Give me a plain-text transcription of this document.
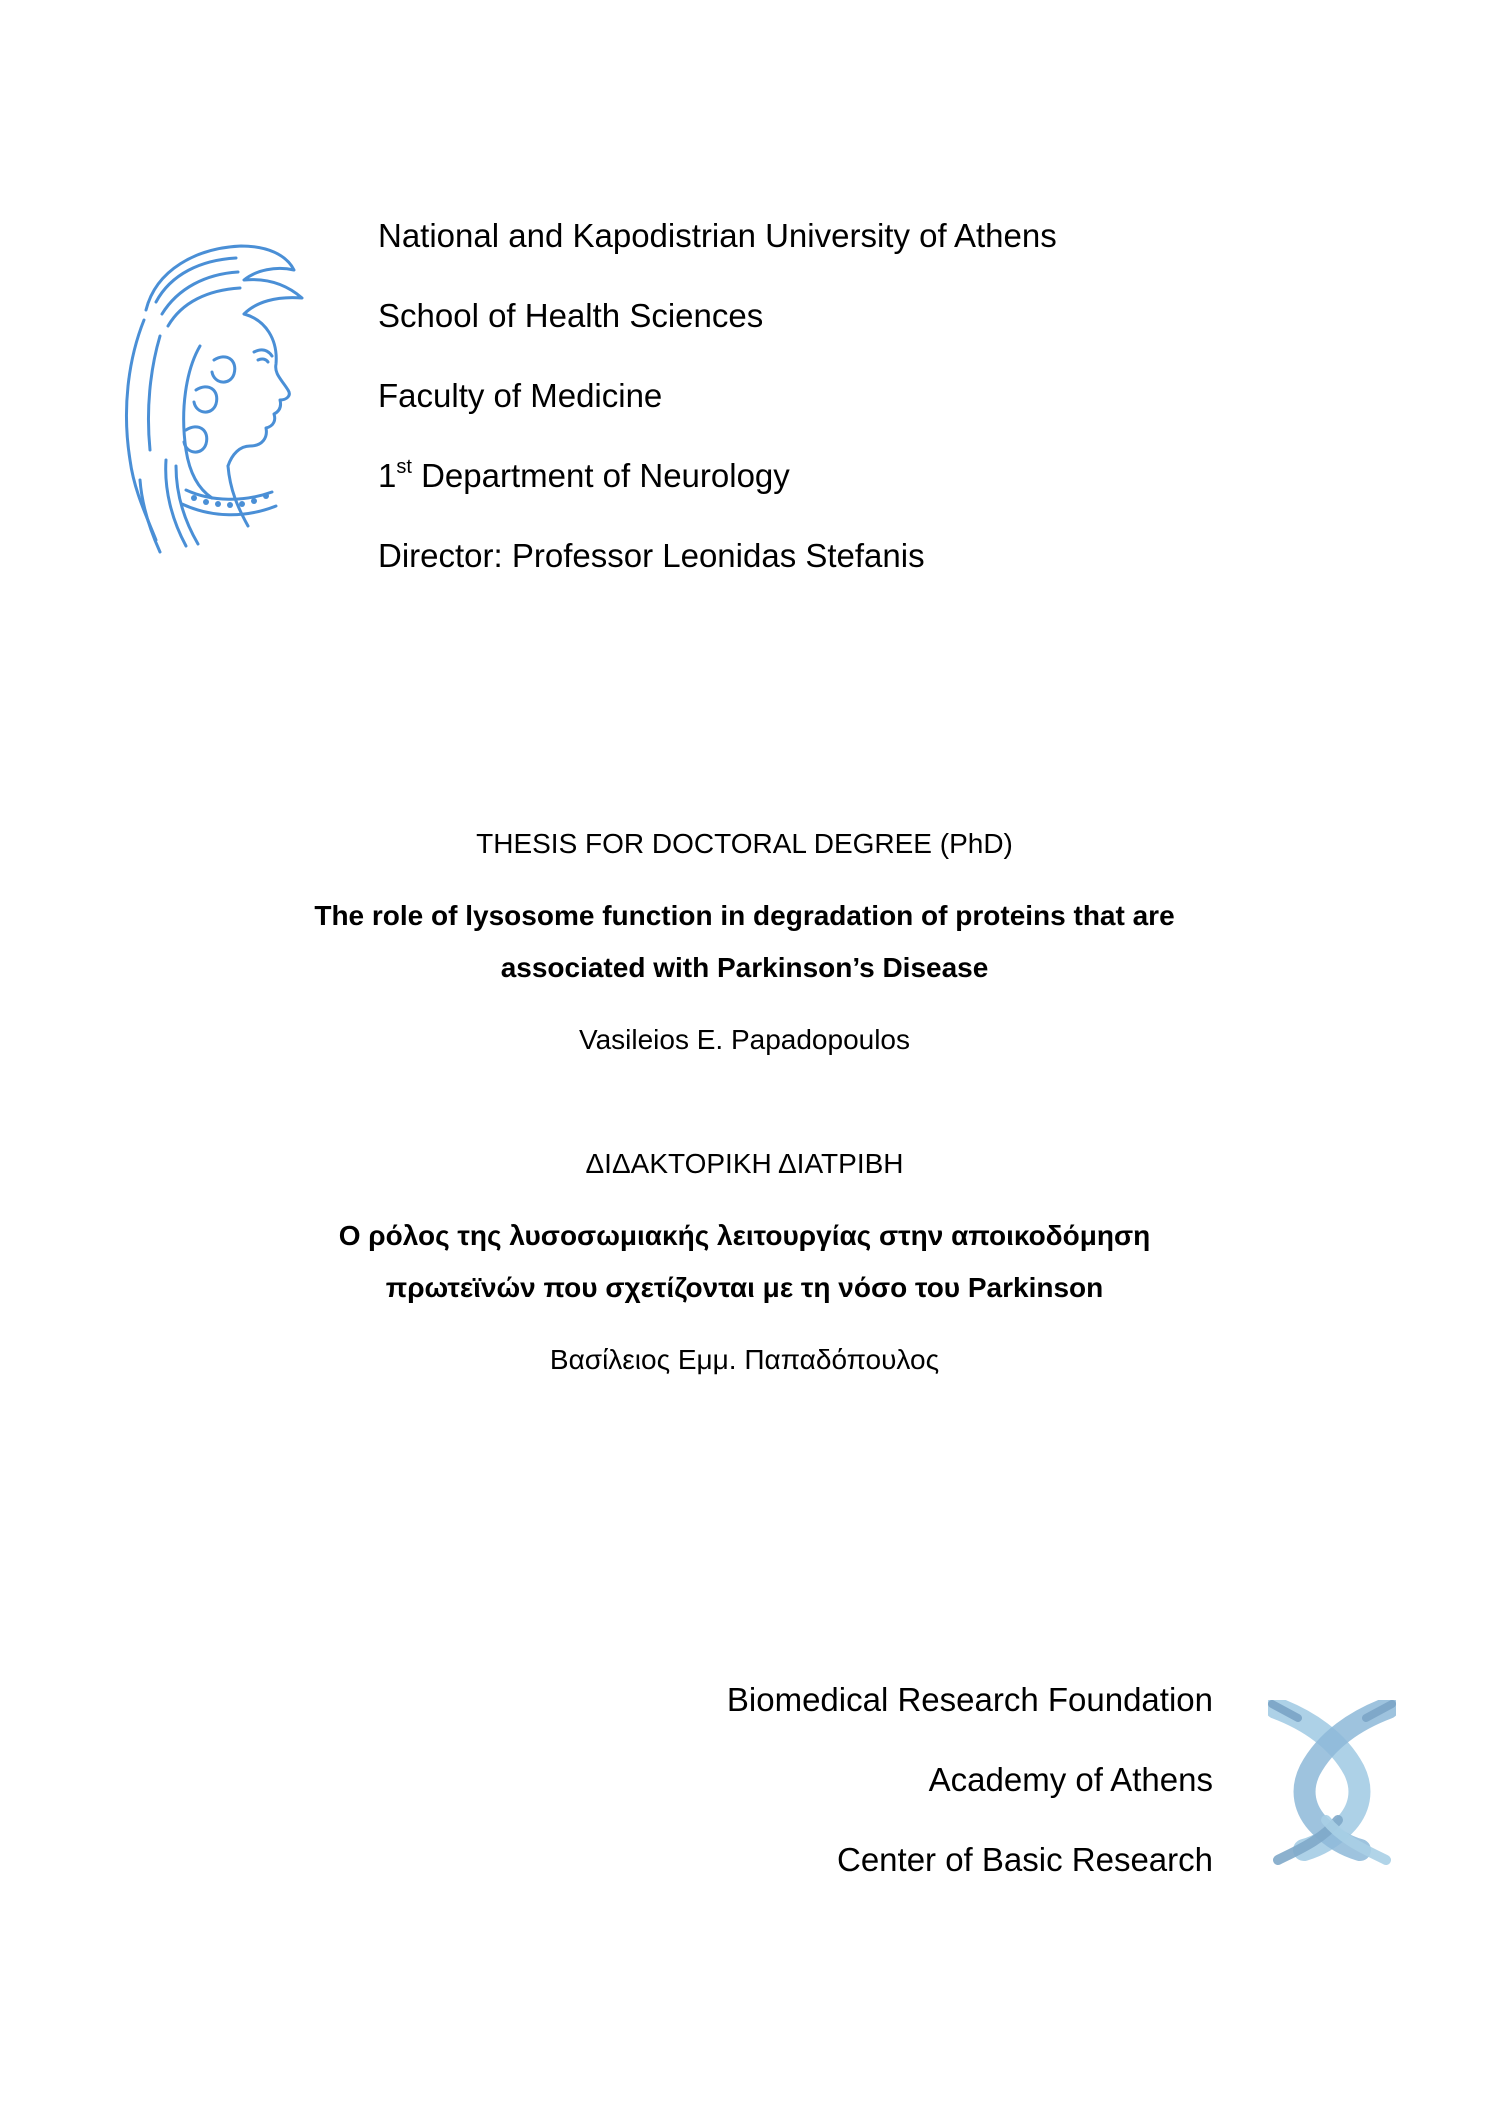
National and Kapodistrian University of Athens
School of Health Sciences
Faculty of Medicine
1st Department of Neurology
Director: Professor Leonidas Stefanis
THESIS FOR DOCTORAL DEGREE (PhD)
The role of lysosome function in degradation of proteins that are
associated with Parkinson’s Disease
Vasileios E. Papadopoulos
ΔΙΔΑΚΤΟΡΙΚΗ ΔΙΑΤΡΙΒΗ
Ο ρόλος της λυσοσωμιακής λειτουργίας στην αποικοδόμηση
πρωτεϊνών που σχετίζονται με τη νόσο του Parkinson
Βασίλειος Εμμ. Παπαδόπουλος
Biomedical Research Foundation
Academy of Athens
Center of Basic Research
